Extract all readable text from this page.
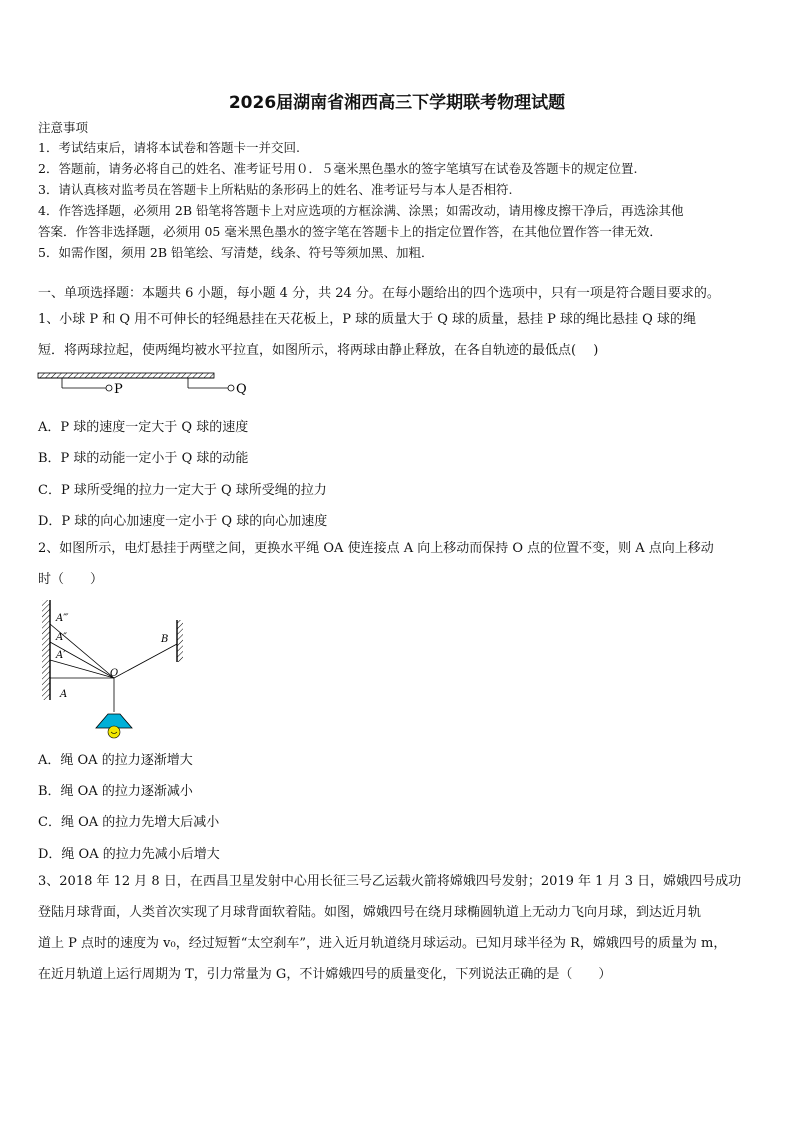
2026届湖南省湘西高三下学期联考物理试题
注意事项
1．考试结束后，请将本试卷和答题卡一并交回.
2．答题前，请务必将自己的姓名、准考证号用０．５毫米黑色墨水的签字笔填写在试卷及答题卡的规定位置.
3．请认真核对监考员在答题卡上所粘贴的条形码上的姓名、准考证号与本人是否相符.
4．作答选择题，必须用 2B 铅笔将答题卡上对应选项的方框涂满、涂黑；如需改动，请用橡皮擦干净后，再选涂其他
答案．作答非选择题，必须用 05 毫米黑色墨水的签字笔在答题卡上的指定位置作答，在其他位置作答一律无效．
5．如需作图，须用 2B 铅笔绘、写清楚，线条、符号等须加黑、加粗．
一、单项选择题：本题共 6 小题，每小题 4 分，共 24 分。在每小题给出的四个选项中，只有一项是符合题目要求的。
1、小球 P 和 Q 用不可伸长的轻绳悬挂在天花板上，P 球的质量大于 Q 球的质量，悬挂 P 球的绳比悬挂 Q 球的绳
短．将两球拉起，使两绳均被水平拉直，如图所示，将两球由静止释放，在各自轨迹的最低点(　 )
P	Q
A．P 球的速度一定大于 Q 球的速度
B．P 球的动能一定小于 Q 球的动能
C．P 球所受绳的拉力一定大于 Q 球所受绳的拉力
D．P 球的向心加速度一定小于 Q 球的向心加速度
2、如图所示，电灯悬挂于两壁之间，更换水平绳 OA 使连接点 A 向上移动而保持 O 点的位置不变，则 A 点向上移动
时（　　）
A‴
A″
A′
A
O
B
A．绳 OA 的拉力逐渐增大
B．绳 OA 的拉力逐渐减小
C．绳 OA 的拉力先增大后减小
D．绳 OA 的拉力先减小后增大
3、2018 年 12 月 8 日，在西昌卫星发射中心用长征三号乙运载火箭将嫦娥四号发射；2019 年 1 月 3 日，嫦娥四号成功
登陆月球背面，人类首次实现了月球背面软着陆。如图，嫦娥四号在绕月球椭圆轨道上无动力飞向月球，到达近月轨
道上 P 点时的速度为 v₀，经过短暂“太空刹车”，进入近月轨道绕月球运动。已知月球半径为 R，嫦娥四号的质量为 m，
在近月轨道上运行周期为 T，引力常量为 G，不计嫦娥四号的质量变化，下列说法正确的是（　　）
